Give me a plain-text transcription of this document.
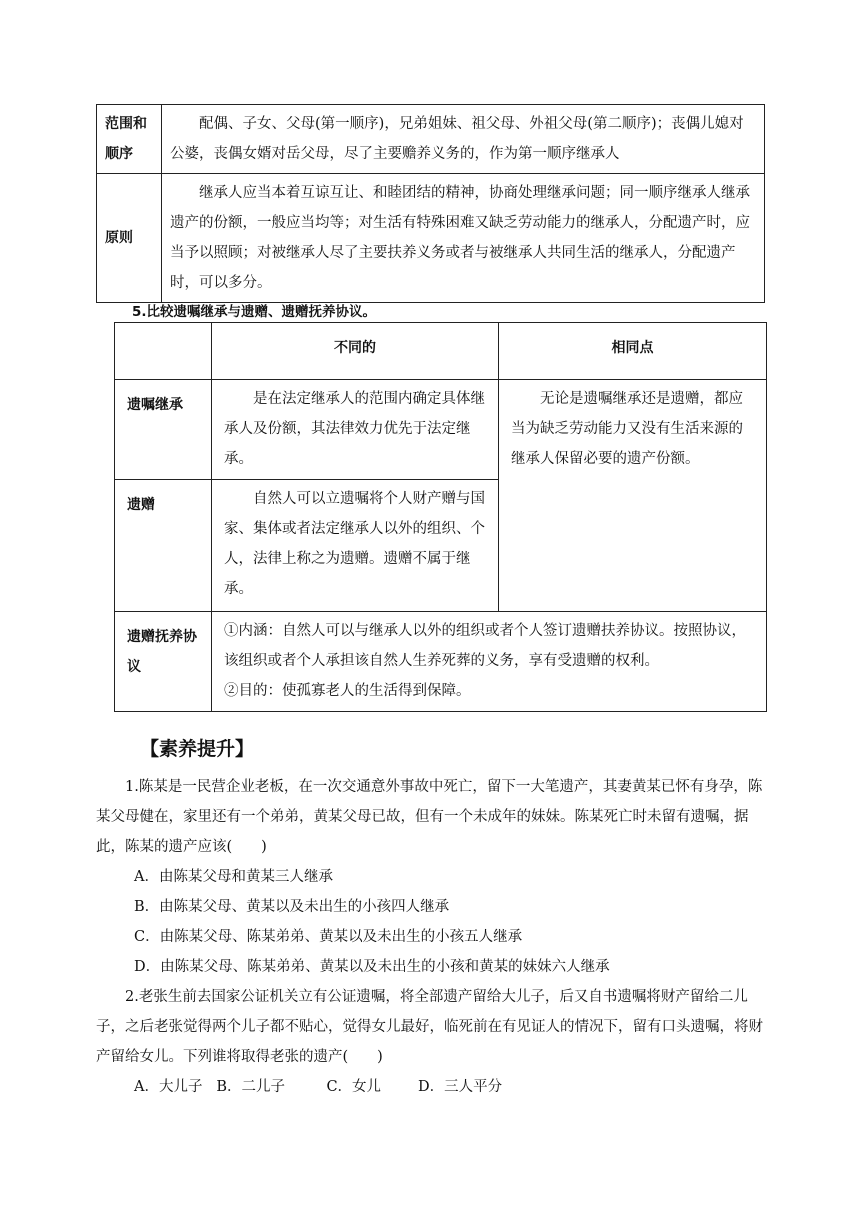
范围和顺序	配偶、子女、父母(第一顺序)，兄弟姐妹、祖父母、外祖父母(第二顺序)；丧偶儿媳对公婆，丧偶女婿对岳父母，尽了主要赡养义务的，作为第一顺序继承人
原则	继承人应当本着互谅互让、和睦团结的精神，协商处理继承问题；同一顺序继承人继承遗产的份额，一般应当均等；对生活有特殊困难又缺乏劳动能力的继承人，分配遗产时，应当予以照顾；对被继承人尽了主要扶养义务或者与被继承人共同生活的继承人，分配遗产时，可以多分。
5.比较遗嘱继承与遗赠、遗赠抚养协议。
	不同的	相同点
遗嘱继承	是在法定继承人的范围内确定具体继承人及份额，其法律效力优先于法定继承。	无论是遗嘱继承还是遗赠，都应当为缺乏劳动能力又没有生活来源的继承人保留必要的遗产份额。
遗赠	自然人可以立遗嘱将个人财产赠与国家、集体或者法定继承人以外的组织、个人，法律上称之为遗赠。遗赠不属于继承。	
遗赠抚养协议	①内涵：自然人可以与继承人以外的组织或者个人签订遗赠扶养协议。按照协议，该组织或者个人承担该自然人生养死葬的义务，享有受遗赠的权利。
②目的：使孤寡老人的生活得到保障。	
【素养提升】

1.陈某是一民营企业老板，在一次交通意外事故中死亡，留下一大笔遗产，其妻黄某已怀有身孕，陈某父母健在，家里还有一个弟弟，黄某父母已故，但有一个未成年的妹妹。陈某死亡时未留有遗嘱，据此，陈某的遗产应该(　　)

A．由陈某父母和黄某三人继承

B．由陈某父母、黄某以及未出生的小孩四人继承

C．由陈某父母、陈某弟弟、黄某以及未出生的小孩五人继承

D．由陈某父母、陈某弟弟、黄某以及未出生的小孩和黄某的妹妹六人继承

2.老张生前去国家公证机关立有公证遗嘱，将全部遗产留给大儿子，后又自书遗嘱将财产留给二儿子，之后老张觉得两个儿子都不贴心，觉得女儿最好，临死前在有见证人的情况下，留有口头遗嘱，将财产留给女儿。下列谁将取得老张的遗产(　　)

A．大儿子 B．二儿子	C．女儿	D．三人平分
